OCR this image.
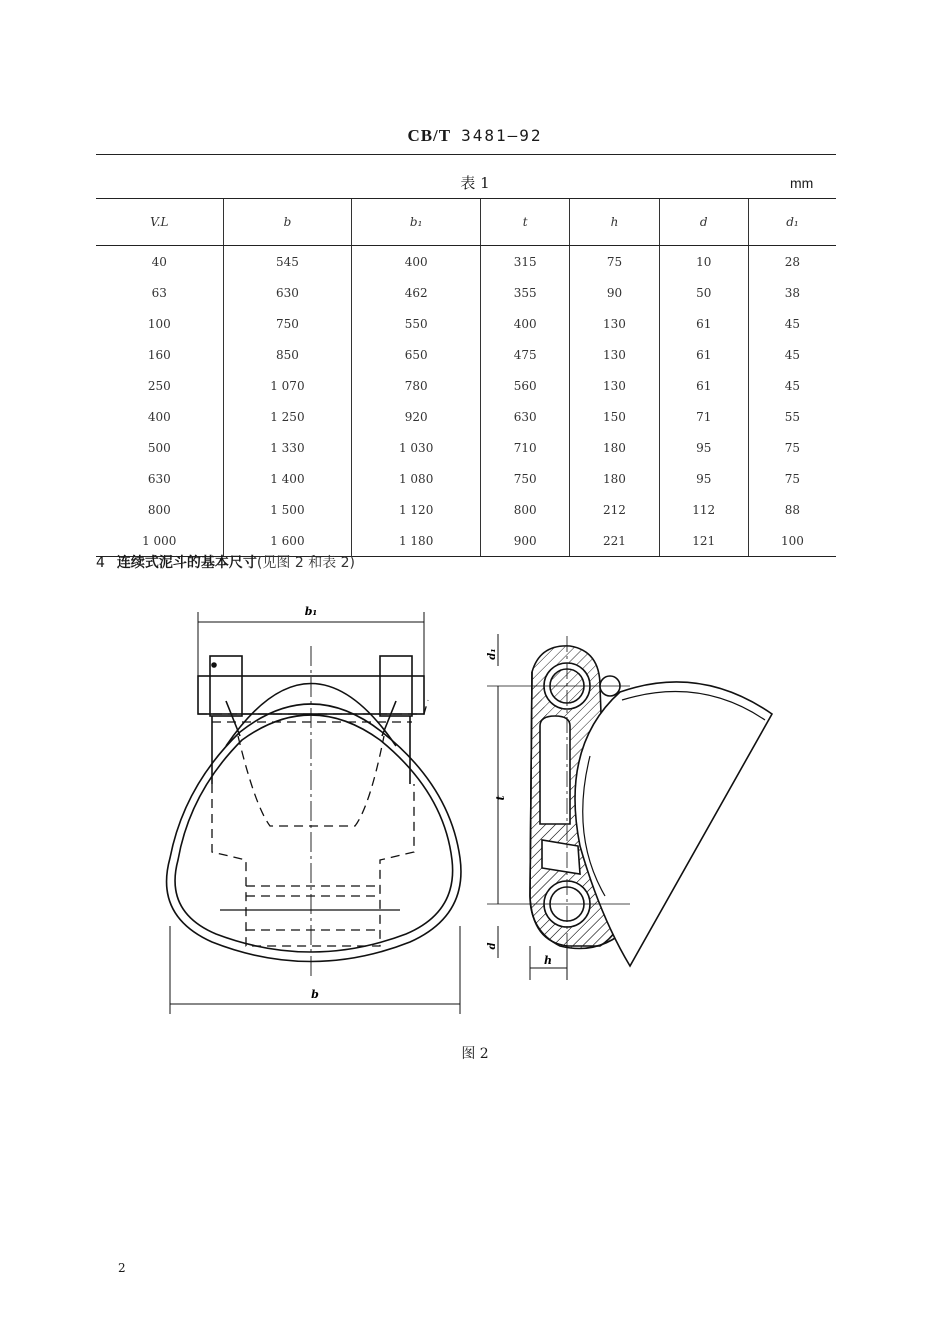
CB/T 3481—92
表 1	mm
V.L	b	b₁	t	h	d	d₁
40	545	400	315	75	10	28
63	630	462	355	90	50	38
100	750	550	400	130	61	45
160	850	650	475	130	61	45
250	1 070	780	560	130	61	45
400	1 250	920	630	150	71	55
500	1 330	1 030	710	180	95	75
630	1 400	1 080	750	180	95	75
800	1 500	1 120	800	212	112	88
1 000	1 600	1 180	900	221	121	100
4 连续式泥斗的基本尺寸(见图 2 和表 2)
b₁
b
d₁
t
d
h
图 2
2
